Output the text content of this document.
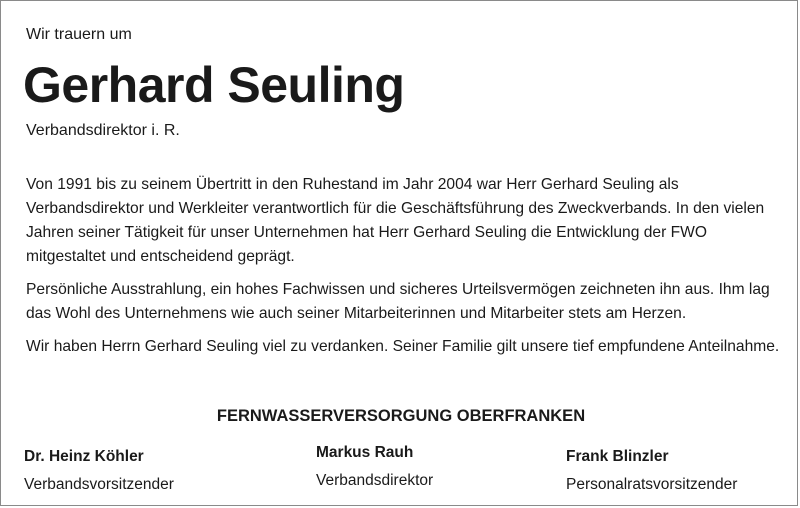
Wir trauern um
Gerhard Seuling
Verbandsdirektor i. R.

Von 1991 bis zu seinem Übertritt in den Ruhestand im Jahr 2004 war Herr Gerhard Seuling als Verbandsdirektor und Werkleiter verantwortlich für die Geschäftsführung des Zweckverbands. In den vielen Jahren seiner Tätigkeit für unser Unternehmen hat Herr Gerhard Seuling die Entwicklung der FWO mitgestaltet und entscheidend geprägt.

Persönliche Ausstrahlung, ein hohes Fachwissen und sicheres Urteilsvermögen zeichneten ihn aus. Ihm lag das Wohl des Unternehmens wie auch seiner Mitarbeiterinnen und Mitarbeiter stets am Herzen.

Wir haben Herrn Gerhard Seuling viel zu verdanken. Seiner Familie gilt unsere tief empfundene Anteilnahme.

FERNWASSERVERSORGUNG OBERFRANKEN
Dr. Heinz Köhler
Verbandsvorsitzender
Markus Rauh
Verbandsdirektor
Frank Blinzler
Personalratsvorsitzender
